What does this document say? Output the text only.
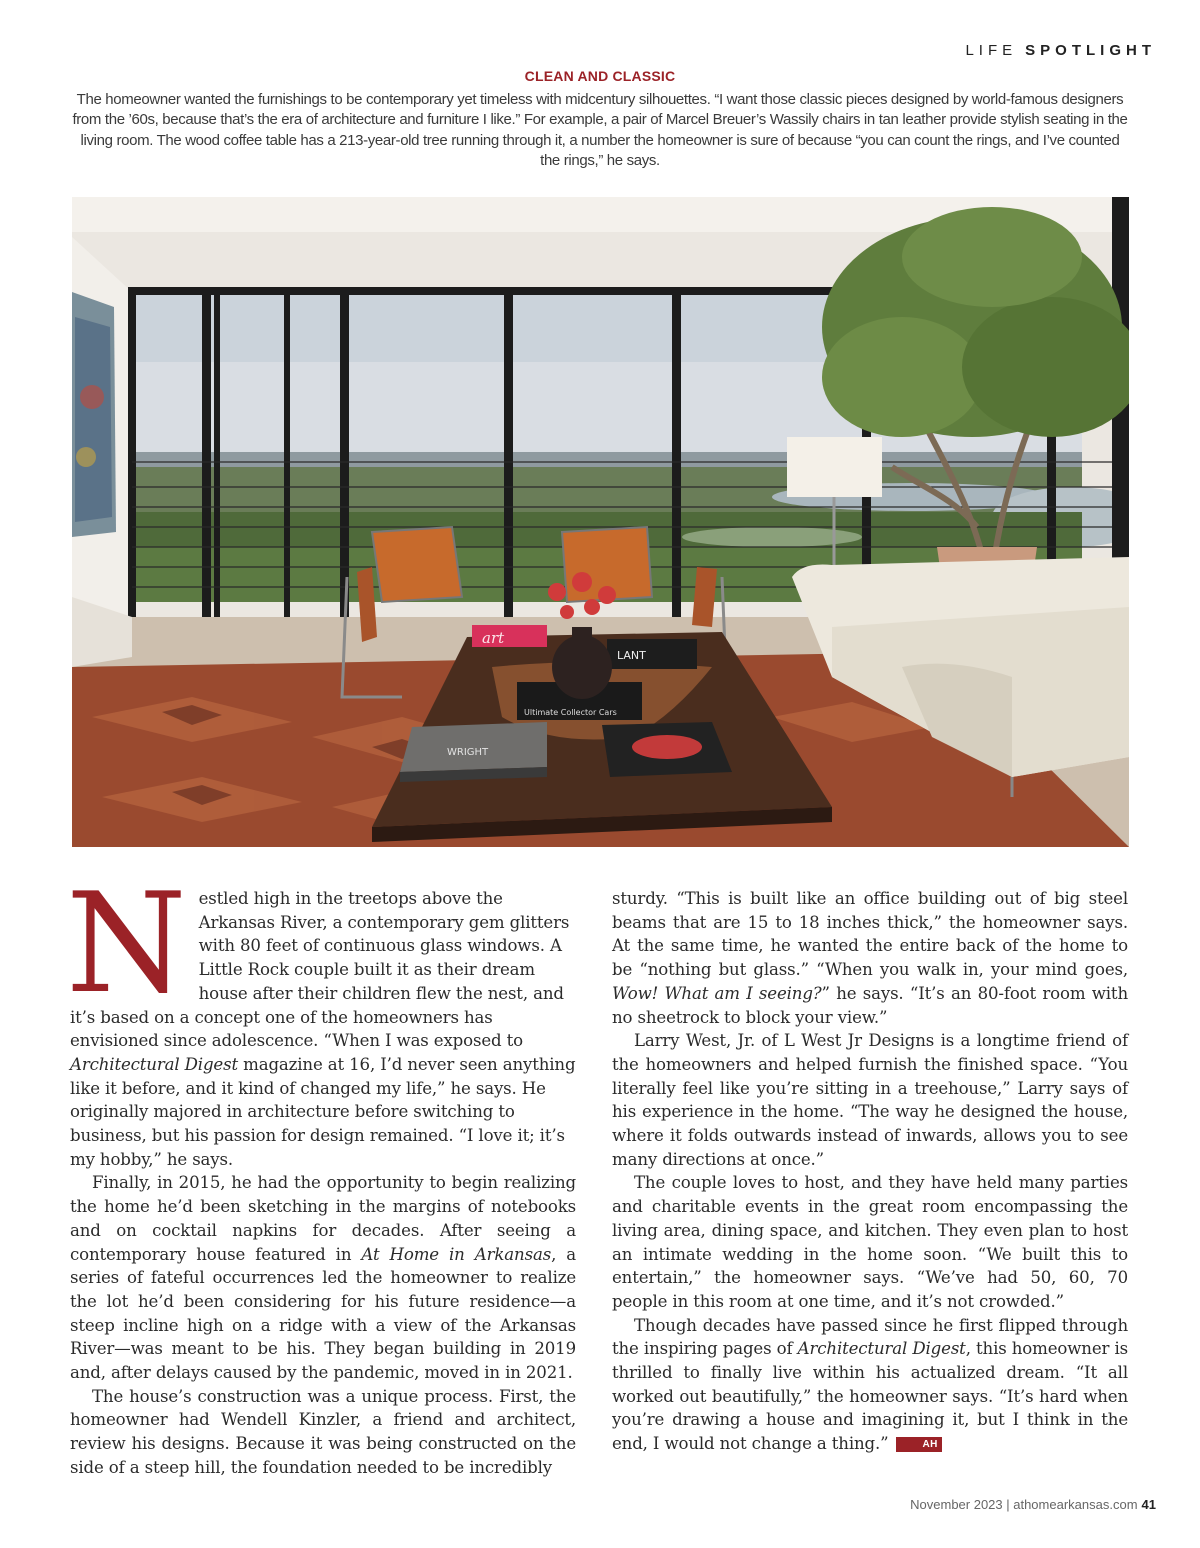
LIFE SPOTLIGHT
CLEAN AND CLASSIC
The homeowner wanted the furnishings to be contemporary yet timeless with midcentury silhouettes. “I want those classic pieces designed by world-famous designers from the ’60s, because that’s the era of architecture and furniture I like.” For example, a pair of Marcel Breuer’s Wassily chairs in tan leather provide stylish seating in the living room. The wood coffee table has a 213-year-old tree running through it, a number the homeowner is sure of because “you can count the rings, and I’ve counted the rings,” he says.
art
LANT
Ultimate Collector Cars
WRIGHT

Nestled high in the treetops above the Arkansas River, a contemporary gem glitters with 80 feet of continuous glass windows. A Little Rock couple built it as their dream house after their children flew the nest, and it’s based on a concept one of the homeowners has envisioned since adolescence. “When I was exposed to Architectural Digest magazine at 16, I’d never seen anything like it before, and it kind of changed my life,” he says. He originally majored in architecture before switching to business, but his passion for design remained. “I love it; it’s my hobby,” he says.

Finally, in 2015, he had the opportunity to begin realizing the home he’d been sketching in the margins of notebooks and on cocktail napkins for decades. After seeing a contemporary house featured in At Home in Arkansas, a series of fateful occurrences led the homeowner to realize the lot he’d been considering for his future residence—a steep incline high on a ridge with a view of the Arkansas River—was meant to be his. They began building in 2019 and, after delays caused by the pandemic, moved in in 2021.

The house’s construction was a unique process. First, the homeowner had Wendell Kinzler, a friend and architect, review his designs. Because it was being constructed on the side of a steep hill, the foundation needed to be incredibly

sturdy. “This is built like an office building out of big steel beams that are 15 to 18 inches thick,” the homeowner says. At the same time, he wanted the entire back of the home to be “nothing but glass.” “When you walk in, your mind goes, Wow! What am I seeing?” he says. “It’s an 80-foot room with no sheetrock to block your view.”

Larry West, Jr. of L West Jr Designs is a longtime friend of the homeowners and helped furnish the finished space. “You literally feel like you’re sitting in a treehouse,” Larry says of his experience in the home. “The way he designed the house, where it folds outwards instead of inwards, allows you to see many directions at once.”

The couple loves to host, and they have held many parties and charitable events in the great room encompassing the living area, dining space, and kitchen. They even plan to host an intimate wedding in the home soon. “We built this to entertain,” the homeowner says. “We’ve had 50, 60, 70 people in this room at one time, and it’s not crowded.”

Though decades have passed since he first flipped through the inspiring pages of Architectural Digest, this homeowner is thrilled to finally live within his actualized dream. “It all worked out beautifully,” the homeowner says. “It’s hard when you’re drawing a house and imagining it, but I think in the end, I would not change a thing.”	AH

November 2023 | athomearkansas.com 41
